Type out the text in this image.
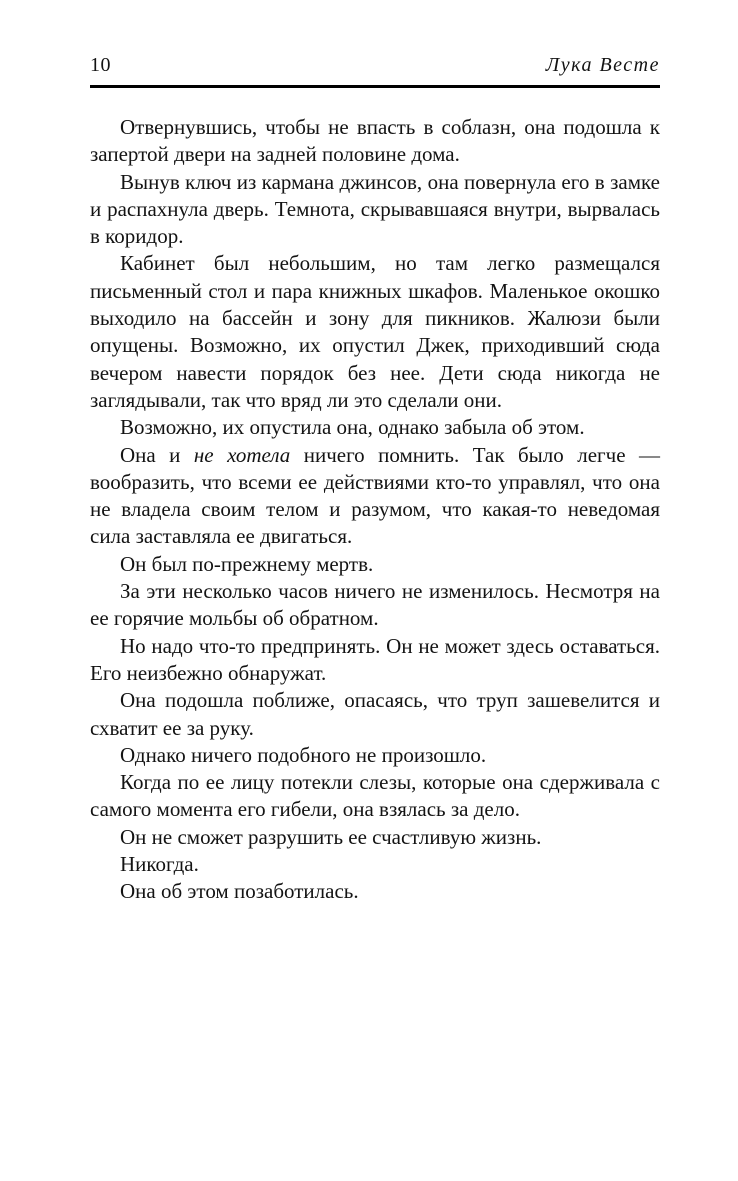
10	Лука Весте

Отвернувшись, чтобы не впасть в соблазн, она подошла к запертой двери на задней половине дома.

Вынув ключ из кармана джинсов, она повернула его в замке и распахнула дверь. Темнота, скрывавшаяся внутри, вырвалась в коридор.

Кабинет был небольшим, но там легко размещался письменный стол и пара книжных шкафов. Маленькое окошко выходило на бассейн и зону для пикников. Жалюзи были опущены. Возможно, их опустил Джек, приходивший сюда вечером навести порядок без нее. Дети сюда никогда не заглядывали, так что вряд ли это сделали они.

Возможно, их опустила она, однако забыла об этом.

Она и не хотела ничего помнить. Так было легче — вообразить, что всеми ее действиями кто-то управлял, что она не владела своим телом и разумом, что какая-то неведомая сила заставляла ее двигаться.

Он был по-прежнему мертв.

За эти несколько часов ничего не изменилось. Несмотря на ее горячие мольбы об обратном.

Но надо что-то предпринять. Он не может здесь оставаться. Его неизбежно обнаружат.

Она подошла поближе, опасаясь, что труп зашевелится и схватит ее за руку.

Однако ничего подобного не произошло.

Когда по ее лицу потекли слезы, которые она сдерживала с самого момента его гибели, она взялась за дело.

Он не сможет разрушить ее счастливую жизнь.

Никогда.

Она об этом позаботилась.
